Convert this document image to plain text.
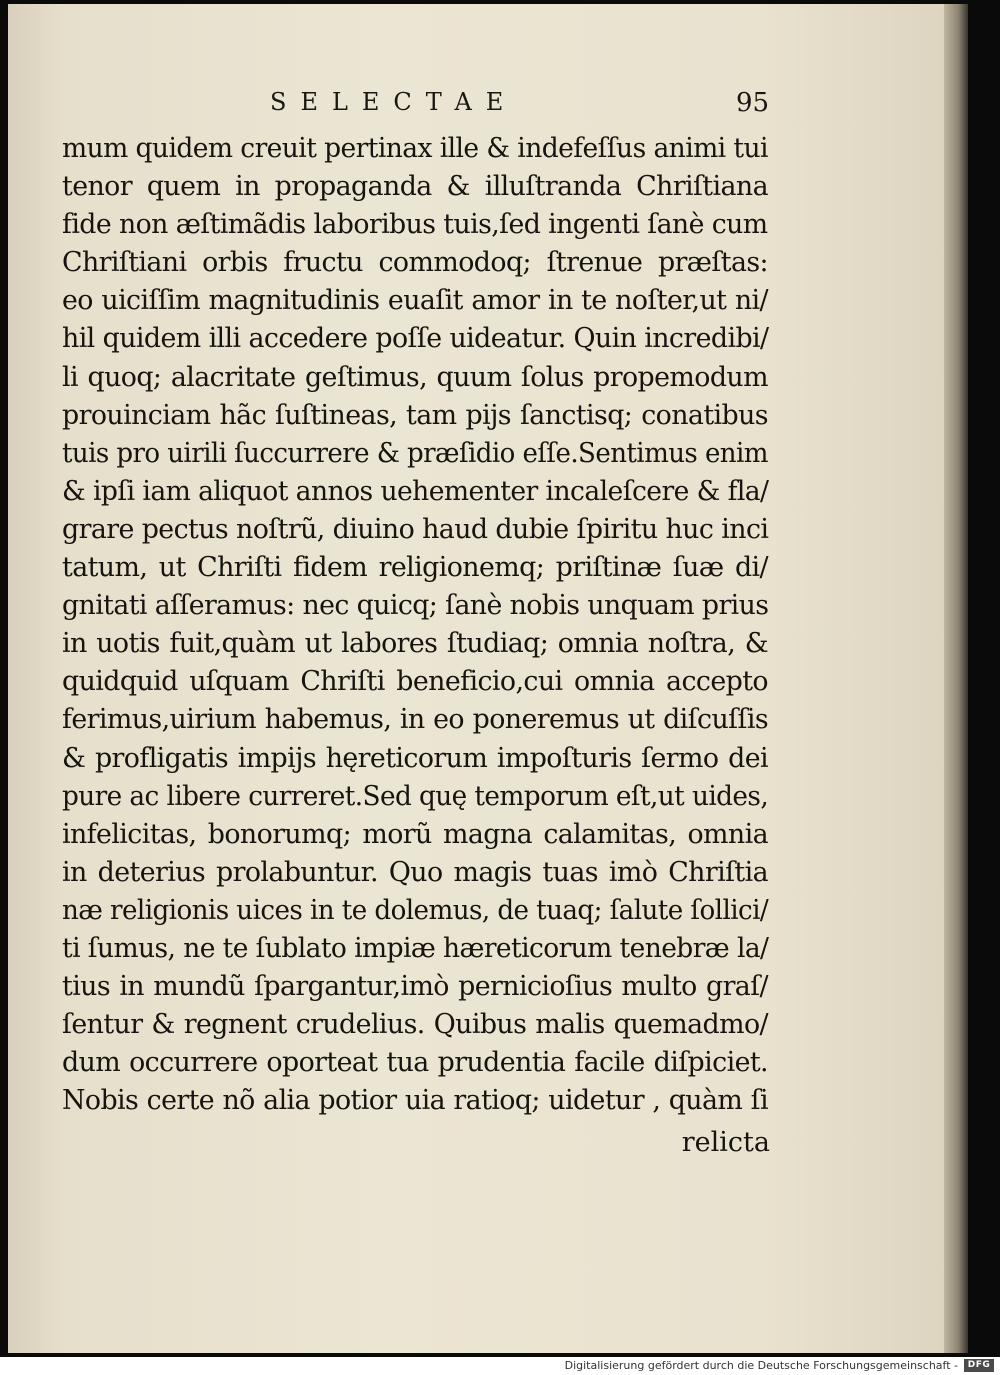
SELECTAE	95
mum quidem creuit pertinax ille & indefeſſus animi tui
tenor quem in propaganda & illuſtranda Chriſtiana
fide non æſtimãdis laboribus tuis,ſed ingenti ſanè cum
Chriſtiani orbis fructu commodoq; ſtrenue præſtas:
eo uiciſſim magnitudinis euaſit amor in te noſter,ut ni/
hil quidem illi accedere poſſe uideatur. Quin incredibi/
li quoq; alacritate geſtimus, quum ſolus propemodum
prouinciam hãc ſuſtineas, tam pijs ſanctisq; conatibus
tuis pro uirili ſuccurrere & præſidio eſſe.Sentimus enim
& ipſi iam aliquot annos uehementer incaleſcere & fla/
grare pectus noſtrũ, diuino haud dubie ſpiritu huc inci
tatum, ut Chriſti fidem religionemq; priſtinæ ſuæ di/
gnitati aſſeramus: nec quicq; ſanè nobis unquam prius
in uotis fuit,quàm ut labores ſtudiaq; omnia noſtra, &
quidquid uſquam Chriſti beneficio,cui omnia accepto
ferimus,uirium habemus, in eo poneremus ut diſcuſſis
& profligatis impijs hęreticorum impoſturis ſermo dei
pure ac libere curreret.Sed quę temporum eſt,ut uides,
infelicitas, bonorumq; morũ magna calamitas, omnia
in deterius prolabuntur. Quo magis tuas imò Chriſtia
næ religionis uices in te dolemus, de tuaq; ſalute ſollici/
ti ſumus, ne te ſublato impiæ hæreticorum tenebræ la/
tius in mundũ ſpargantur,imò pernicioſius multo graſ/
ſentur & regnent crudelius. Quibus malis quemadmo/
dum occurrere oporteat tua prudentia facile diſpiciet.
Nobis certe nõ alia potior uia ratioq; uidetur , quàm ſi
relicta
Digitalisierung gefördert durch die Deutsche Forschungsgemeinschaft -	DFG
